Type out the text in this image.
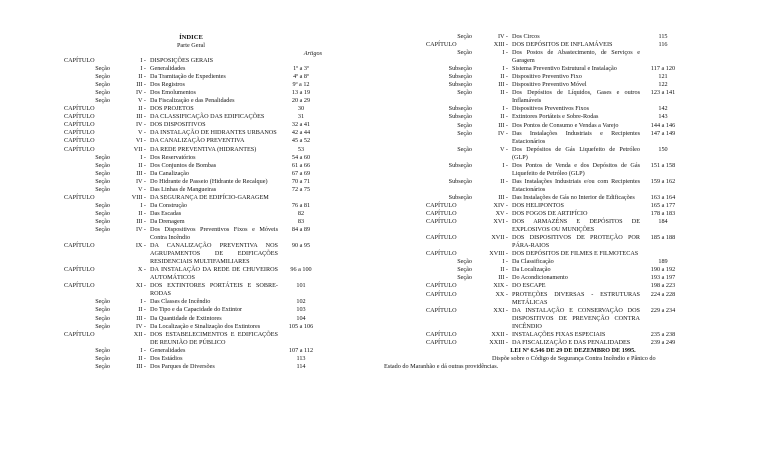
ÍNDICE
Parte Geral
Artigos
CAPÍTULO	I - DISPOSIÇÕES GERAIS
Seção	I - Generalidades	1º a 3º
Seção	II - Da Tramitação de Expedientes	4º a 8º
Seção	III - Dos Registros	9º a 12
Seção	IV - Dos Emolumentos	13 a 19
Seção	V - Da Fiscalização e das Penalidades	20 a 29
CAPÍTULO	II - DOS PROJETOS	30
CAPÍTULO	III - DA CLASSIFICAÇÃO DAS EDIFICAÇÕES	31
CAPÍTULO	IV - DOS DISPOSITIVOS	32 a 41
CAPÍTULO	V - DA INSTALAÇÃO DE HIDRANTES URBANOS	42 a 44
CAPÍTULO	VI - DA CANALIZAÇÃO PREVENTIVA	45 a 52
CAPÍTULO	VII - DA REDE PREVENTIVA (HIDRANTES)	53
Seção	I - Dos Reservatórios	54 a 60
Seção	II - Dos Conjuntos de Bombas	61 a 66
Seção	III - Da Canalização	67 a 69
Seção	IV - Do Hidrante de Passeio (Hidrante de Recalque)	70 a 71
Seção	V - Das Linhas de Mangueiras	72 a 75
CAPÍTULO	VIII - DA SEGURANÇA DE EDIFÍCIO-GARAGEM
Seção	I - Da Construção	76 a 81
Seção	II - Das Escadas	82
Seção	III - Da Drenagem	83
Seção	IV - Dos Dispositivos Preventivos Fixos e Móveis Contra Incêndio
84 a 89
CAPÍTULO	IX - DA CANALIZAÇÃO PREVENTIVA NOS AGRUPAMENTOS DE EDIFICAÇÕES RESIDENCIAIS MULTIFAMILIARES
90 a 95
CAPÍTULO	X - DA INSTALAÇÃO DA REDE DE CHUVEIROS AUTOMÁTICOS
96 a 100
CAPÍTULO	XI - DOS EXTINTORES PORTÁTEIS E SOBRE-RODAS
101
Seção	I - Das Classes de Incêndio	102
Seção	II - Do Tipo e da Capacidade do Extintor	103
Seção	III - Da Quantidade de Extintores	104
Seção	IV - Da Localização e Sinalização dos Extintores	105 a 106
CAPÍTULO	XII - DOS ESTABELECIMENTOS E EDIFICAÇÕES DE REUNIÃO DE PÚBLICO
Seção	I - Generalidades	107 a 112
Seção	II - Dos Estádios	113
Seção	III - Dos Parques de Diversões	114
Seção	IV - Dos Circos	115
CAPÍTULO	XIII - DOS DEPÓSITOS DE INFLAMÁVEIS	116
Seção	I - Dos Postos de Abastecimento, de Serviços e Garagem
Subseção	I - Sistema Preventivo Estrutural e Instalação	117 a 120
Subseção	II - Dispositivo Preventivo Fixo	121
Subseção	III - Dispositivo Preventivo Móvel	122
Seção	II - Dos Depósitos de Líquidos, Gases e outros Inflamáveis
123 a 141
Subseção	I - Dispositivos Preventivos Fixos	142
Subseção	II - Extintores Portáteis e Sobre-Rodas	143
Seção	III - Dos Pontos de Consumo e Vendas a Varejo	144 a 146
Seção	IV - Das Instalações Industriais e Recipientes Estacionários
147 a 149
Seção	V - Dos Depósitos de Gás Liquefeito de Petróleo (GLP)
150
Subseção	I - Dos Pontos de Venda e dos Depósitos de Gás Liquefeito de Petróleo (GLP)
151 a 158
Subseção	II - Das Instalações Industriais e/ou com Recipientes Estacionários
159 a 162
Subseção	III - Das Instalações de Gás no Interior de Edificações	163 a 164
CAPÍTULO	XIV - DOS HELIPONTOS	165 a 177
CAPÍTULO	XV - DOS FOGOS DE ARTIFÍCIO	178 a 183
CAPÍTULO	XVI - DOS ARMAZÉNS E DEPÓSITOS DE EXPLOSIVOS OU MUNIÇÕES
184
CAPÍTULO	XVII - DOS DISPOSITIVOS DE PROTEÇÃO POR PÁRA-RAIOS
185 a 188
CAPÍTULO	XVIII - DOS DEPÓSITOS DE FILMES E FILMOTECAS
Seção	I - Da Classificação	189
Seção	II - Da Localização	190 a 192
Seção	III - Do Acondicionamento	193 a 197
CAPÍTULO	XIX - DO ESCAPE	198 a 223
CAPÍTULO	XX - PROTEÇÕES DIVERSAS - ESTRUTURAS METÁLICAS
224 a 228
CAPÍTULO	XXI - DA INSTALAÇÃO E CONSERVAÇÃO DOS DISPOSITIVOS DE PREVENÇÃO CONTRA INCÊNDIO
229 a 234
CAPÍTULO	XXII - INSTALAÇÕES FIXAS ESPECIAIS	235 a 238
CAPÍTULO	XXIII - DA FISCALIZAÇÃO E DAS PENALIDADES	239 a 249
LEI Nº 6.546 DE 29 DE DEZEMBRO DE 1995.
Dispõe sobre o Código de Segurança Contra Incêndio e Pânico do
Estado do Maranhão e dá outras providências.
